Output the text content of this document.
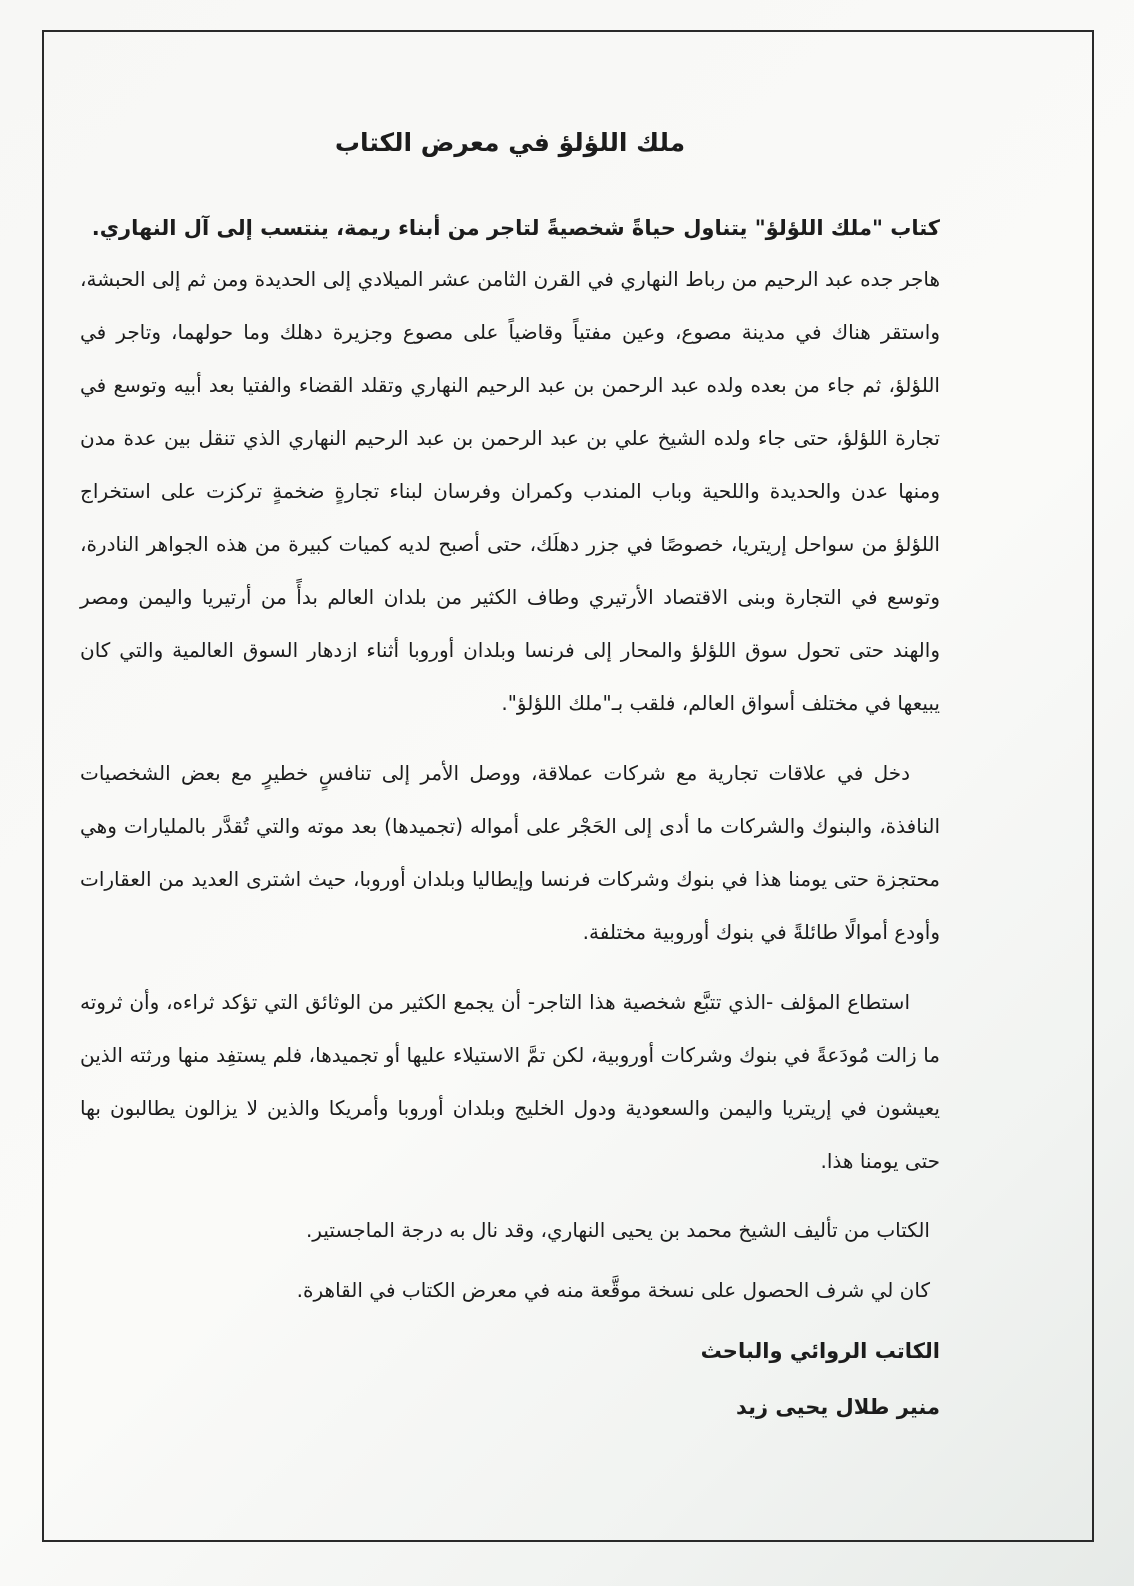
ملك اللؤلؤ في معرض الكتاب

كتاب "ملك اللؤلؤ" يتناول حياةً شخصيةً لتاجر من أبناء ريمة، ينتسب إلى آل النهاري.

هاجر جده عبد الرحيم من رباط النهاري في القرن الثامن عشر الميلادي إلى الحديدة ومن ثم إلى الحبشة، واستقر هناك في مدينة مصوع، وعين مفتياً وقاضياً على مصوع وجزيرة دهلك وما حولهما، وتاجر في اللؤلؤ، ثم جاء من بعده ولده عبد الرحمن بن عبد الرحيم النهاري وتقلد القضاء والفتيا بعد أبيه وتوسع في تجارة اللؤلؤ، حتى جاء ولده الشيخ علي بن عبد الرحمن بن عبد الرحيم النهاري الذي تنقل بين عدة مدن ومنها عدن والحديدة واللحية وباب المندب وكمران وفرسان لبناء تجارةٍ ضخمةٍ تركزت على استخراج اللؤلؤ من سواحل إريتريا، خصوصًا في جزر دهلَك، حتى أصبح لديه كميات كبيرة من هذه الجواهر النادرة، وتوسع في التجارة وبنى الاقتصاد الأرتيري وطاف الكثير من بلدان العالم بدأً من أرتيريا واليمن ومصر والهند حتى تحول سوق اللؤلؤ والمحار إلى فرنسا وبلدان أوروبا أثناء ازدهار السوق العالمية والتي كان يبيعها في مختلف أسواق العالم، فلقب بـ"ملك اللؤلؤ".

دخل في علاقات تجارية مع شركات عملاقة، ووصل الأمر إلى تنافسٍ خطيرٍ مع بعض الشخصيات النافذة، والبنوك والشركات ما أدى إلى الحَجْر على أمواله (تجميدها) بعد موته والتي تُقدَّر بالمليارات وهي محتجزة حتى يومنا هذا في بنوك وشركات فرنسا وإيطاليا وبلدان أوروبا، حيث اشترى العديد من العقارات وأودع أموالًا طائلةً في بنوك أوروبية مختلفة.

استطاع المؤلف -الذي تتبَّع شخصية هذا التاجر- أن يجمع الكثير من الوثائق التي تؤكد ثراءه، وأن ثروته ما زالت مُودَعةً في بنوك وشركات أوروبية، لكن تمَّ الاستيلاء عليها أو تجميدها، فلم يستفِد منها ورثته الذين يعيشون في إريتريا واليمن والسعودية ودول الخليج وبلدان أوروبا وأمريكا والذين لا يزالون يطالبون بها حتى يومنا هذا.

الكتاب من تأليف الشيخ محمد بن يحيى النهاري، وقد نال به درجة الماجستير.

كان لي شرف الحصول على نسخة موقَّعة منه في معرض الكتاب في القاهرة.

الكاتب الروائي والباحث

منير طلال يحيى زيد
